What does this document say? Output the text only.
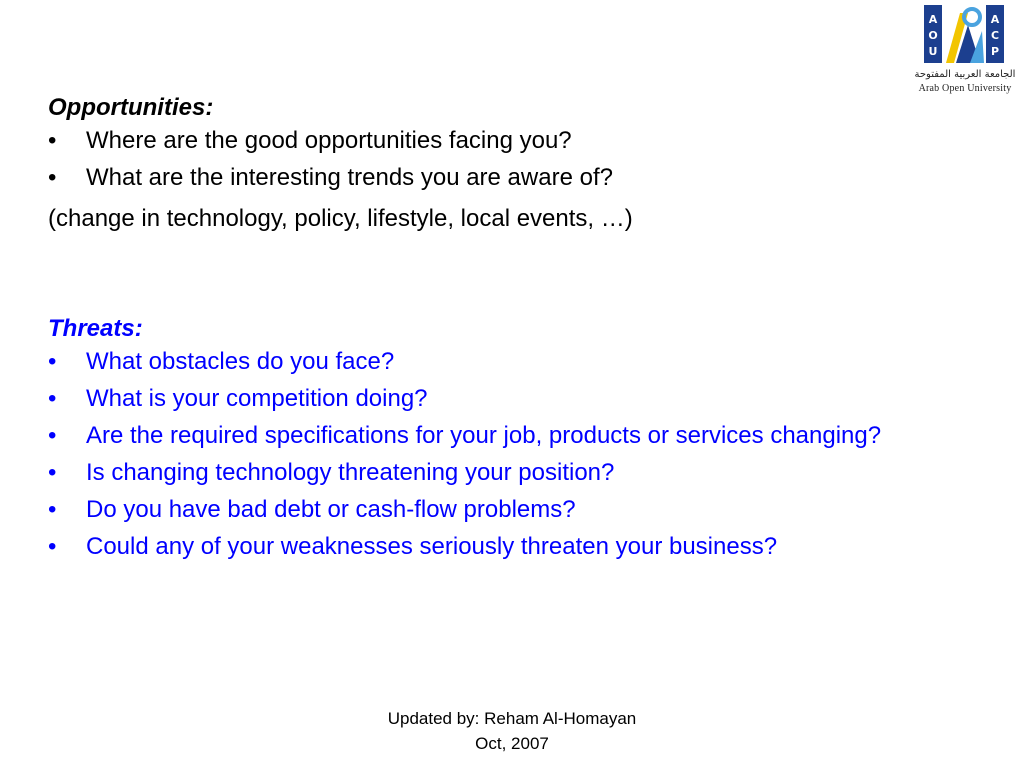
A
O
U
A
C
P
الجامعة العربية المفتوحة
Arab Open University
Opportunities:
•	Where are the good opportunities facing you?
•	What are the interesting trends you are aware of?
(change in technology, policy, lifestyle, local events, …)
Threats:
•	What obstacles do you face?
•	What is your competition doing?
•	Are the required specifications for your job, products or services changing?
•	Is changing technology threatening your position?
•	Do you have bad debt or cash-flow problems?
•	Could any of your weaknesses seriously threaten your business?
Updated by: Reham Al-Homayan
Oct, 2007
